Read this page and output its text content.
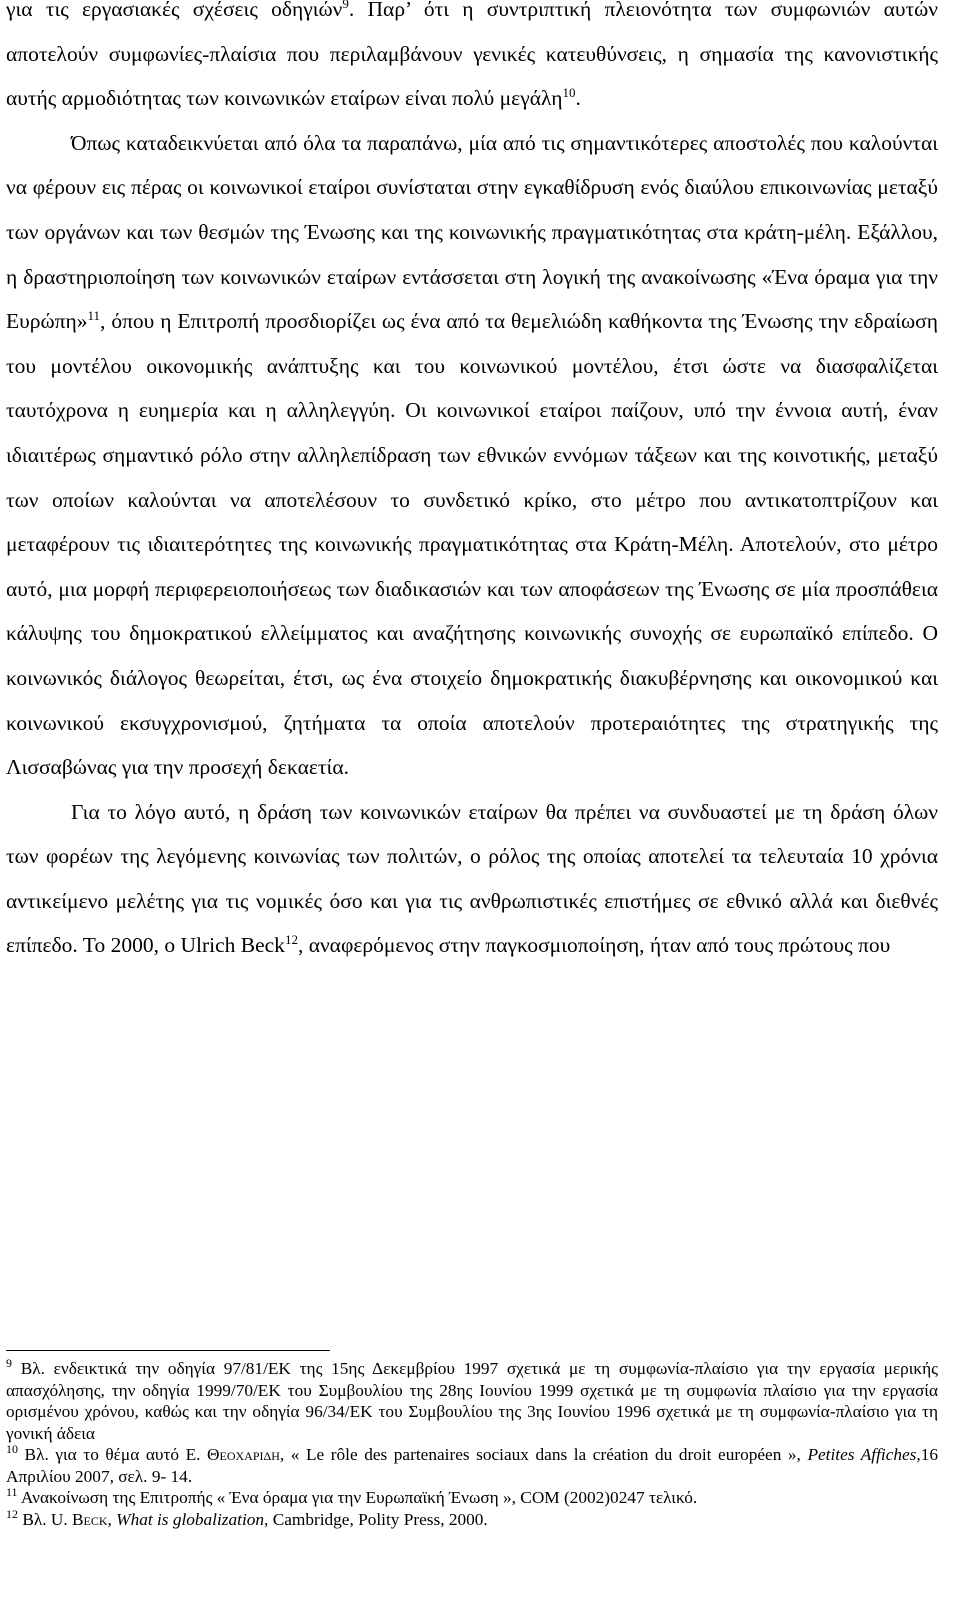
για τις εργασιακές σχέσεις οδηγιών$^9$. Παρ’ ότι η συντριπτική πλειονότητα των συμφωνιών αυτών αποτελούν συμφωνίες-πλαίσια που περιλαμβάνουν γενικές κατευθύνσεις, η σημασία της κανονιστικής αυτής αρμοδιότητας των κοινωνικών εταίρων είναι πολύ μεγάλη$^{10}$.

Όπως καταδεικνύεται από όλα τα παραπάνω, μία από τις σημαντικότερες αποστολές που καλούνται να φέρουν εις πέρας οι κοινωνικοί εταίροι συνίσταται στην εγκαθίδρυση ενός διαύλου επικοινωνίας μεταξύ των οργάνων και των θεσμών της Ένωσης και της κοινωνικής πραγματικότητας στα κράτη-μέλη. Εξάλλου, η δραστηριοποίηση των κοινωνικών εταίρων εντάσσεται στη λογική της ανακοίνωσης «Ένα όραμα για την Ευρώπη»$^{11}$, όπου η Επιτροπή προσδιορίζει ως ένα από τα θεμελιώδη καθήκοντα της Ένωσης την εδραίωση του μοντέλου οικονομικής ανάπτυξης και του κοινωνικού μοντέλου, έτσι ώστε να διασφαλίζεται ταυτόχρονα η ευημερία και η αλληλεγγύη. Οι κοινωνικοί εταίροι παίζουν, υπό την έννοια αυτή, έναν ιδιαιτέρως σημαντικό ρόλο στην αλληλεπίδραση των εθνικών εννόμων τάξεων και της κοινοτικής, μεταξύ των οποίων καλούνται να αποτελέσουν το συνδετικό κρίκο, στο μέτρο που αντικατοπτρίζουν και μεταφέρουν τις ιδιαιτερότητες της κοινωνικής πραγματικότητας στα Κράτη-Μέλη. Αποτελούν, στο μέτρο αυτό, μια μορφή περιφερειοποιήσεως των διαδικασιών και των αποφάσεων της Ένωσης σε μία προσπάθεια κάλυψης του δημοκρατικού ελλείμματος και αναζήτησης κοινωνικής συνοχής σε ευρωπαϊκό επίπεδο. Ο κοινωνικός διάλογος θεωρείται, έτσι, ως ένα στοιχείο δημοκρατικής διακυβέρνησης και οικονομικού και κοινωνικού εκσυγχρονισμού, ζητήματα τα οποία αποτελούν προτεραιότητες της στρατηγικής της Λισσαβώνας για την προσεχή δεκαετία.

Για το λόγο αυτό, η δράση των κοινωνικών εταίρων θα πρέπει να συνδυαστεί με τη δράση όλων των φορέων της λεγόμενης κοινωνίας των πολιτών, ο ρόλος της οποίας αποτελεί τα τελευταία 10 χρόνια αντικείμενο μελέτης για τις νομικές όσο και για τις ανθρωπιστικές επιστήμες σε εθνικό αλλά και διεθνές επίπεδο. Το 2000, ο Ulrich Beck$^{12}$, αναφερόμενος στην παγκοσμιοποίηση, ήταν από τους πρώτους που

$^9$ Βλ. ενδεικτικά την οδηγία 97/81/ΕΚ της 15ης Δεκεμβρίου 1997 σχετικά με τη συμφωνία-πλαίσιο για την εργασία μερικής απασχόλησης, την οδηγία 1999/70/ΕΚ του Συμβουλίου της 28ης Ιουνίου 1999 σχετικά με τη συμφωνία πλαίσιο για την εργασία ορισμένου χρόνου, καθώς και την οδηγία 96/34/ΕΚ του Συμβουλίου της 3ης Ιουνίου 1996 σχετικά με τη συμφωνία-πλαίσιο για τη γονική άδεια

$^{10}$ Βλ. για το θέμα αυτό Ε. Θεοχαριδη, « Le rôle des partenaires sociaux dans la création du droit européen », Petites Affiches,16 Απριλίου 2007, σελ. 9- 14.

$^{11}$ Ανακοίνωση της Επιτροπής « Ένα όραμα για την Ευρωπαϊκή Ένωση », COM (2002)0247 τελικό.

$^{12}$ Βλ. U. Beck, What is globalization, Cambridge, Polity Press, 2000.
